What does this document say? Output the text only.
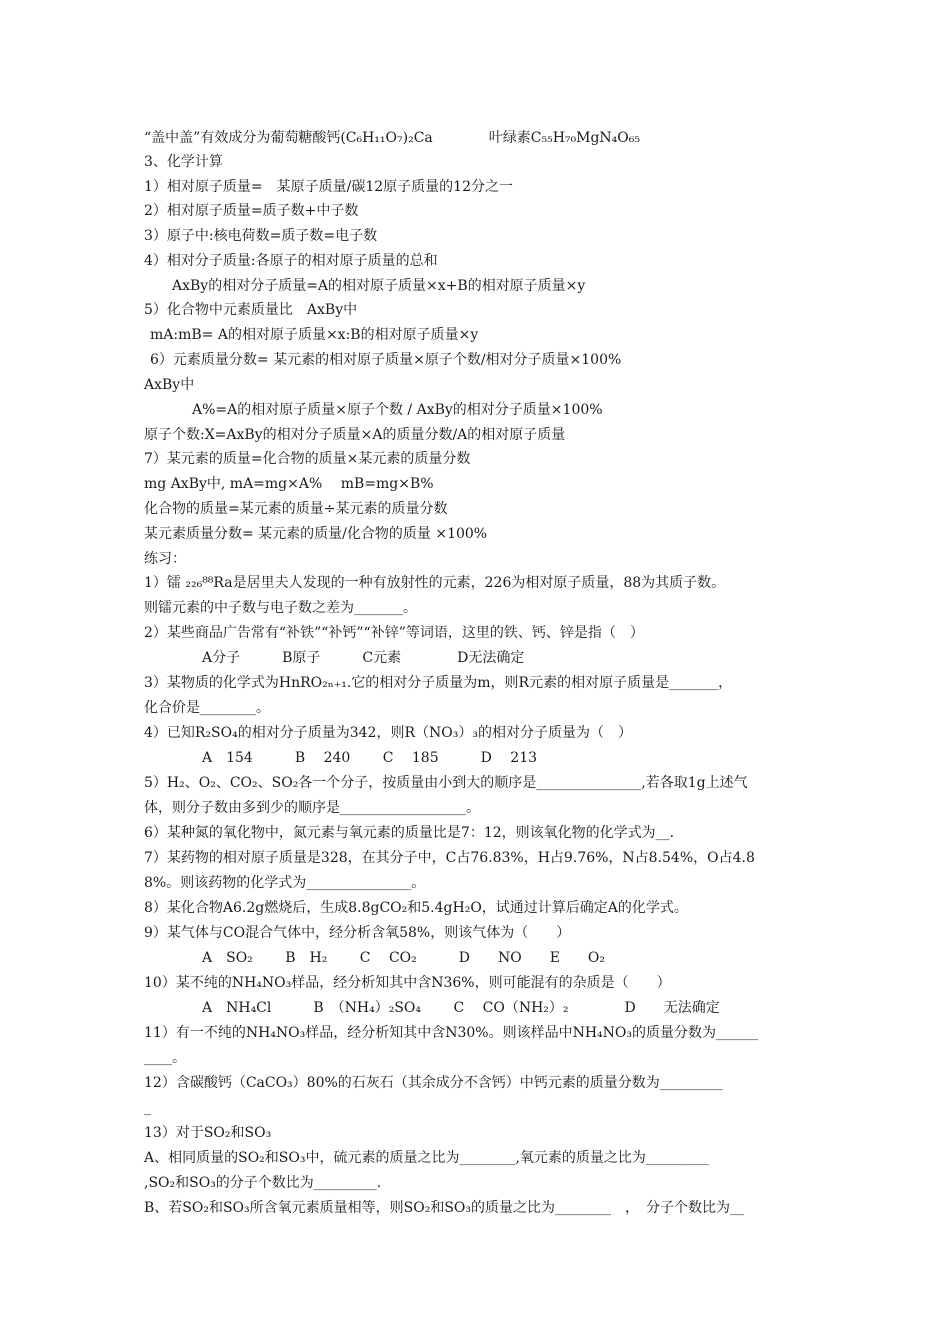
“盖中盖”有效成分为葡萄糖酸钙(C₆H₁₁O₇)₂Ca　　　　叶绿素C₅₅H₇₀MgN₄O₆₅
3、化学计算
1）相对原子质量=　某原子质量/碳12原子质量的12分之一
2）相对原子质量=质子数+中子数
3）原子中:核电荷数=质子数=电子数
4）相对分子质量:各原子的相对原子质量的总和
AxBy的相对分子质量=A的相对原子质量×x+B的相对原子质量×y
5）化合物中元素质量比　AxBy中
mA:mB= A的相对原子质量×x:B的相对原子质量×y
6）元素质量分数= 某元素的相对原子质量×原子个数/相对分子质量×100%
AxBy中
A%=A的相对原子质量×原子个数 / AxBy的相对分子质量×100%
原子个数:X=AxBy的相对分子质量×A的质量分数/A的相对原子质量
7）某元素的质量=化合物的质量×某元素的质量分数
mg AxBy中, mA=mg×A%　 mB=mg×B%
化合物的质量=某元素的质量÷某元素的质量分数
某元素质量分数= 某元素的质量/化合物的质量 ×100%
练习：
1）镭 ₂₂₆⁸⁸Ra是居里夫人发现的一种有放射性的元素，226为相对原子质量，88为其质子数。
则镭元素的中子数与电子数之差为_______。
2）某些商品广告常有“补铁”“补钙”“补锌”等词语，这里的铁、钙、锌是指（　）
A分子　　　B原子　　　C元素　　　　D无法确定
3）某物质的化学式为HnRO₂ₙ₊₁.它的相对分子质量为m，则R元素的相对原子质量是_______，
化合价是________。
4）已知R₂SO₄的相对分子质量为342，则R（NO₃）₃的相对分子质量为（　）
A　154　　　B　 240　　 C　 185　　　D　 213
5）H₂、O₂、CO₂、SO₂各一个分子，按质量由小到大的顺序是_______________,若各取1g上述气
体，则分子数由多到少的顺序是__________________。
6）某种氮的氧化物中，氮元素与氧元素的质量比是7：12，则该氧化物的化学式为__.
7）某药物的相对原子质量是328，在其分子中，C占76.83%，H占9.76%，N占8.54%，O占4.8
8%。则该药物的化学式为_______________。
8）某化合物A6.2g燃烧后，生成8.8gCO₂和5.4gH₂O，试通过计算后确定A的化学式。
9）某气体与CO混合气体中，经分析含氧58%，则该气体为（　　）
A　SO₂　　 B　H₂　　 C　 CO₂　　　D　　NO　　E　　O₂
10）某不纯的NH₄NO₃样品，经分析知其中含N36%，则可能混有的杂质是（　　）
A　NH₄Cl　　　B　（NH₄）₂SO₄　　 C　 CO（NH₂）₂　　　　D　　无法确定
11）有一不纯的NH₄NO₃样品，经分析知其中含N30%。则该样品中NH₄NO₃的质量分数为______
____。
12）含碳酸钙（CaCO₃）80%的石灰石（其余成分不含钙）中钙元素的质量分数为_________
_
13）对于SO₂和SO₃
A、相同质量的SO₂和SO₃中，硫元素的质量之比为________,氧元素的质量之比为_________
,SO₂和SO₃的分子个数比为_________.
B、若SO₂和SO₃所含氧元素质量相等，则SO₂和SO₃的质量之比为________　，　分子个数比为__
